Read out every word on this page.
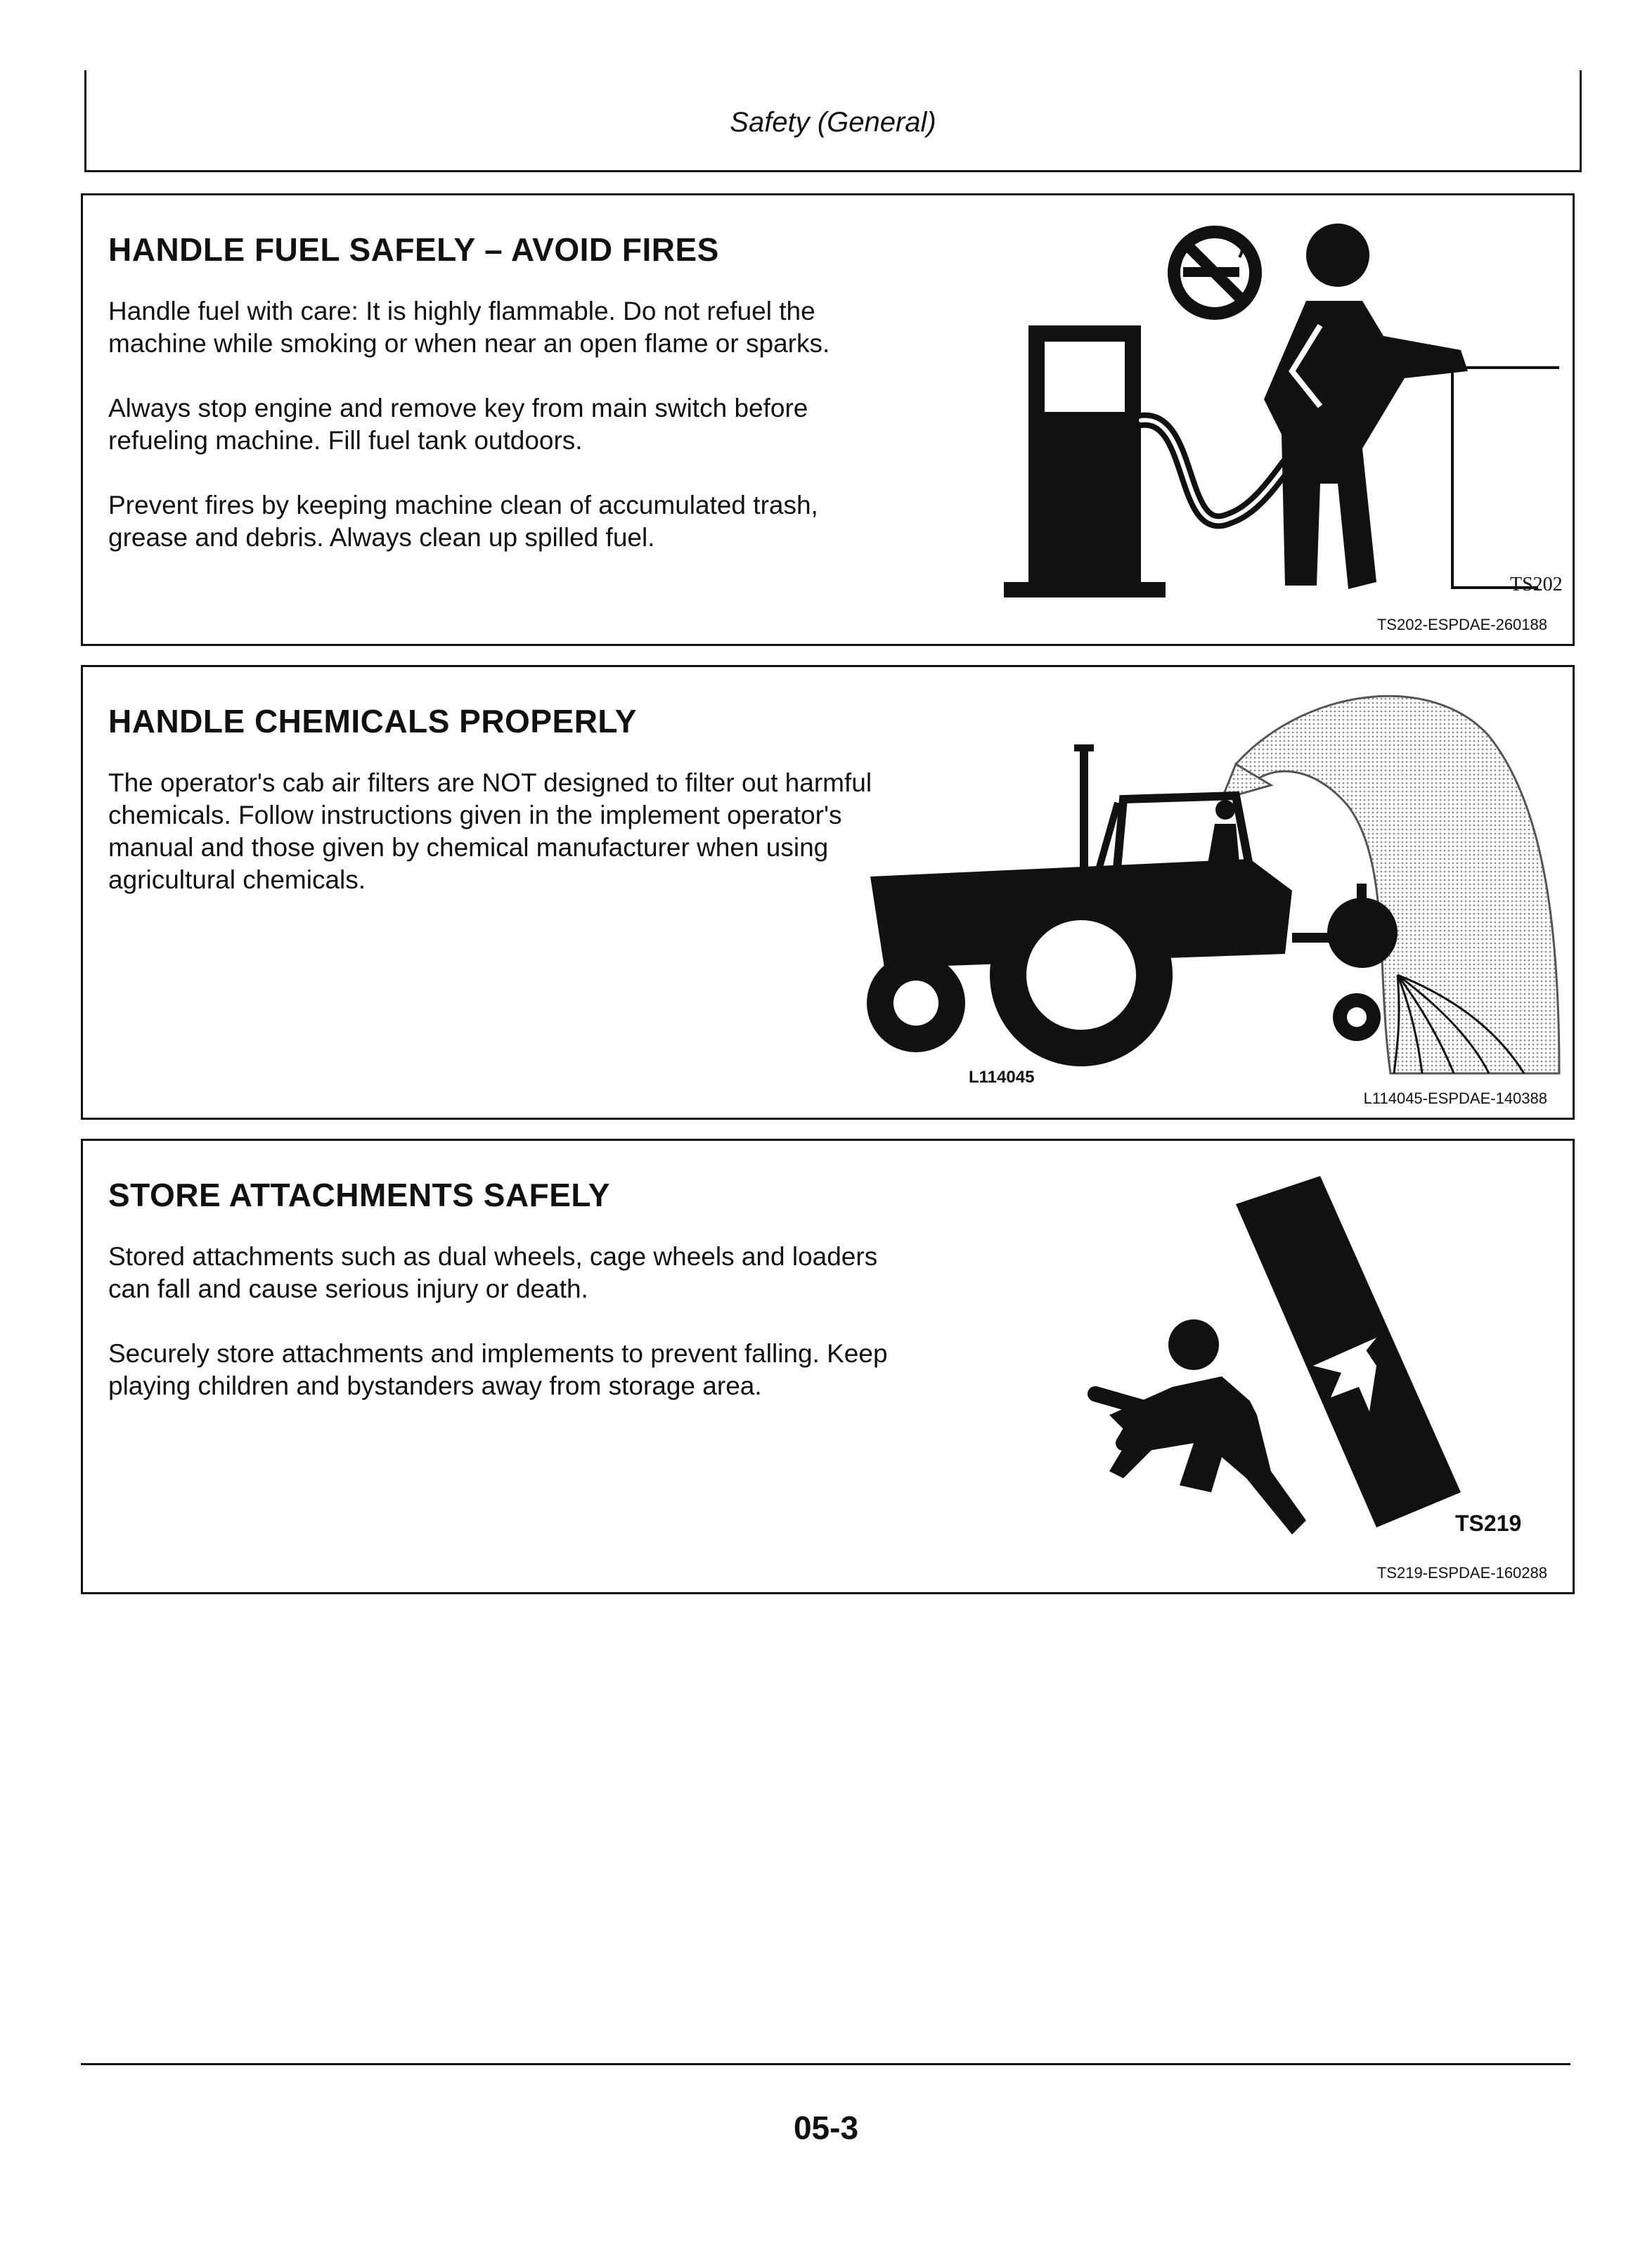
Safety (General)
HANDLE FUEL SAFELY – AVOID FIRES

Handle fuel with care: It is highly flammable. Do not refuel the machine while smoking or when near an open flame or sparks.

Always stop engine and remove key from main switch before refueling machine. Fill fuel tank outdoors.

Prevent fires by keeping machine clean of accumulated trash, grease and debris. Always clean up spilled fuel.

TS202
TS202-ESPDAE-260188
HANDLE CHEMICALS PROPERLY

The operator's cab air filters are NOT designed to filter out harmful chemicals. Follow instructions given in the implement operator's manual and those given by chemical manufacturer when using agricultural chemicals.

L114045
L114045-ESPDAE-140388
STORE ATTACHMENTS SAFELY

Stored attachments such as dual wheels, cage wheels and loaders can fall and cause serious injury or death.

Securely store attachments and implements to prevent falling. Keep playing children and bystanders away from storage area.

TS219
TS219-ESPDAE-160288
05-3
